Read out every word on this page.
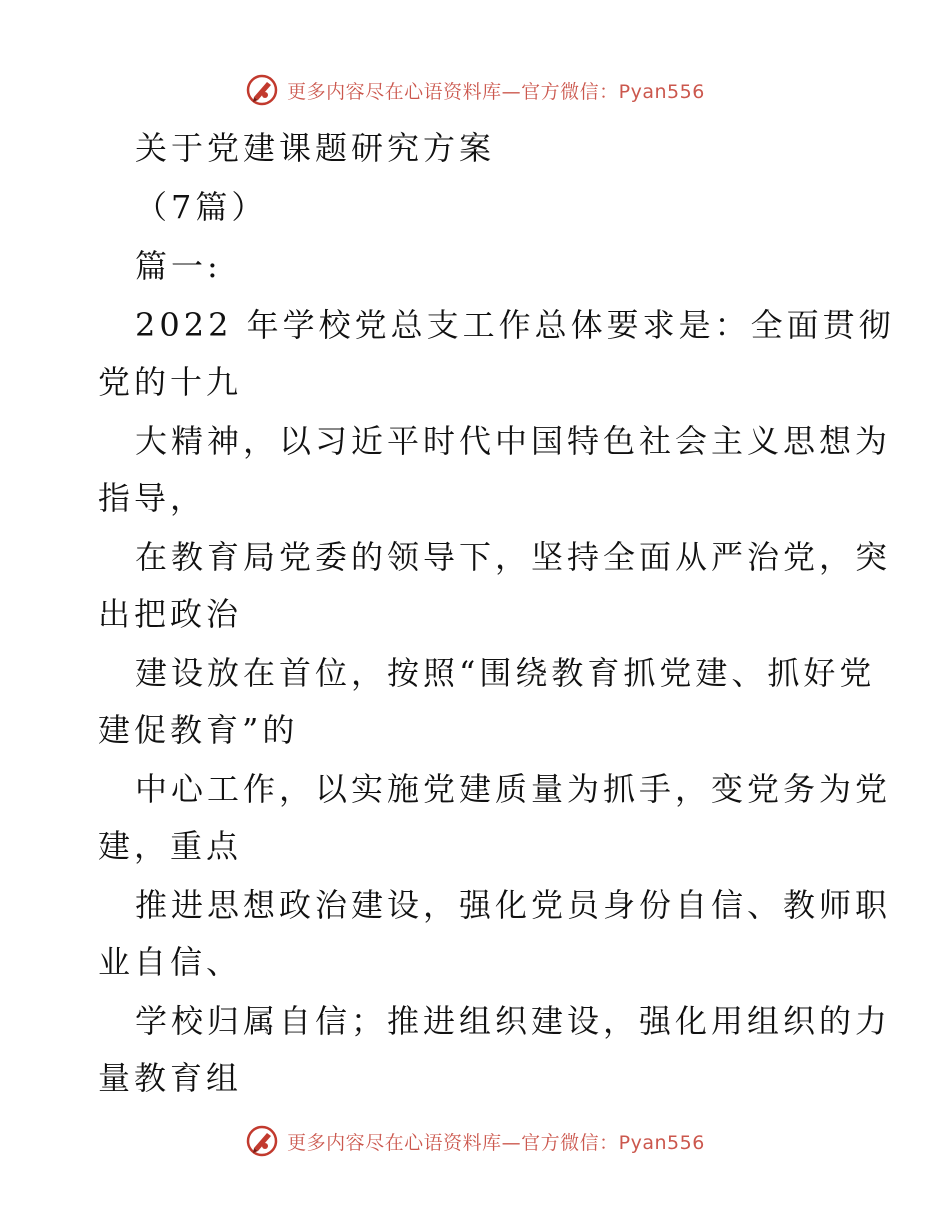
更多内容尽在心语资料库—官方微信：Pyan556
关于党建课题研究方案
（7篇）
篇一:
2022 年学校党总支工作总体要求是：全面贯彻
党的十九
大精神，以习近平时代中国特色社会主义思想为
指导，
在教育局党委的领导下，坚持全面从严治党，突
出把政治
建设放在首位，按照“围绕教育抓党建、抓好党
建促教育”的
中心工作，以实施党建质量为抓手，变党务为党
建，重点
推进思想政治建设，强化党员身份自信、教师职
业自信、
学校归属自信；推进组织建设，强化用组织的力
量教育组
更多内容尽在心语资料库—官方微信：Pyan556
